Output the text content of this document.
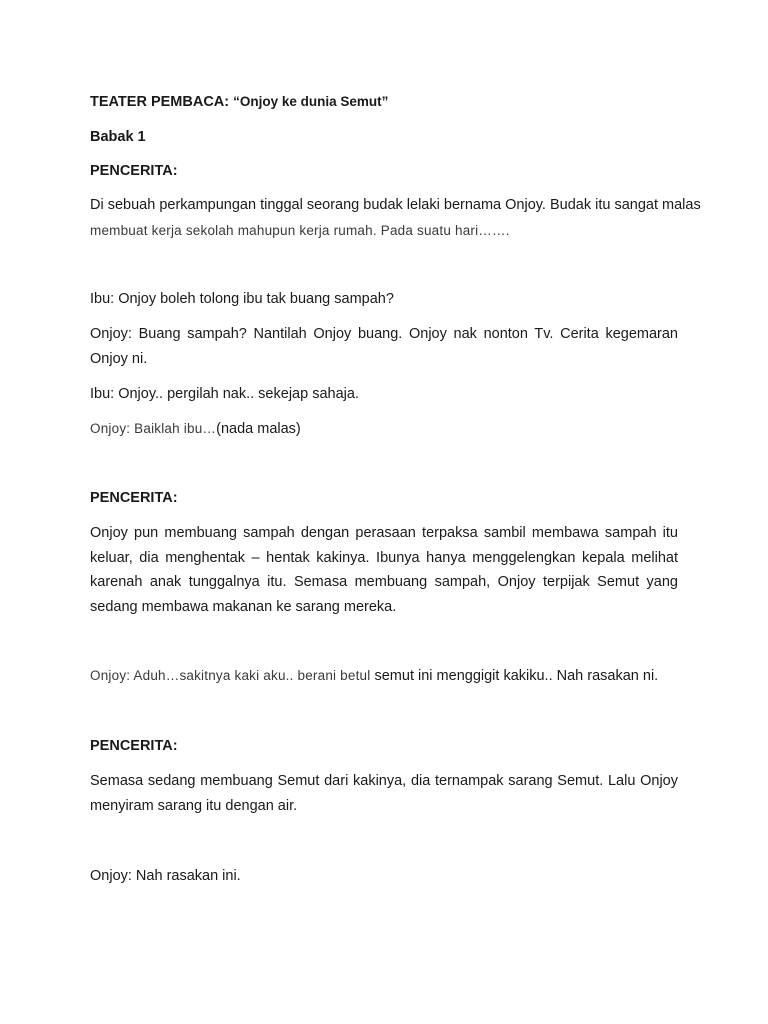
TEATER PEMBACA: “Onjoy ke dunia Semut”
Babak 1
PENCERITA:
Di sebuah perkampungan tinggal seorang budak lelaki bernama Onjoy. Budak itu sangat malas
membuat kerja sekolah mahupun kerja rumah. Pada suatu hari…….
Ibu: Onjoy boleh tolong ibu tak buang sampah?
Onjoy: Buang sampah? Nantilah Onjoy buang. Onjoy nak nonton Tv. Cerita kegemaran Onjoy ni.
Ibu: Onjoy.. pergilah nak.. sekejap sahaja.
Onjoy: Baiklah ibu…(nada malas)
PENCERITA:
Onjoy pun membuang sampah dengan perasaan terpaksa sambil membawa sampah itu keluar, dia menghentak – hentak kakinya. Ibunya hanya menggelengkan kepala melihat karenah anak tunggalnya itu. Semasa membuang sampah, Onjoy terpijak Semut yang sedang membawa makanan ke sarang mereka.
Onjoy: Aduh…sakitnya kaki aku.. berani betul semut ini menggigit kakiku.. Nah rasakan ni.
PENCERITA:
Semasa sedang membuang Semut dari kakinya, dia ternampak sarang Semut. Lalu Onjoy menyiram sarang itu dengan air.
Onjoy: Nah rasakan ini.
